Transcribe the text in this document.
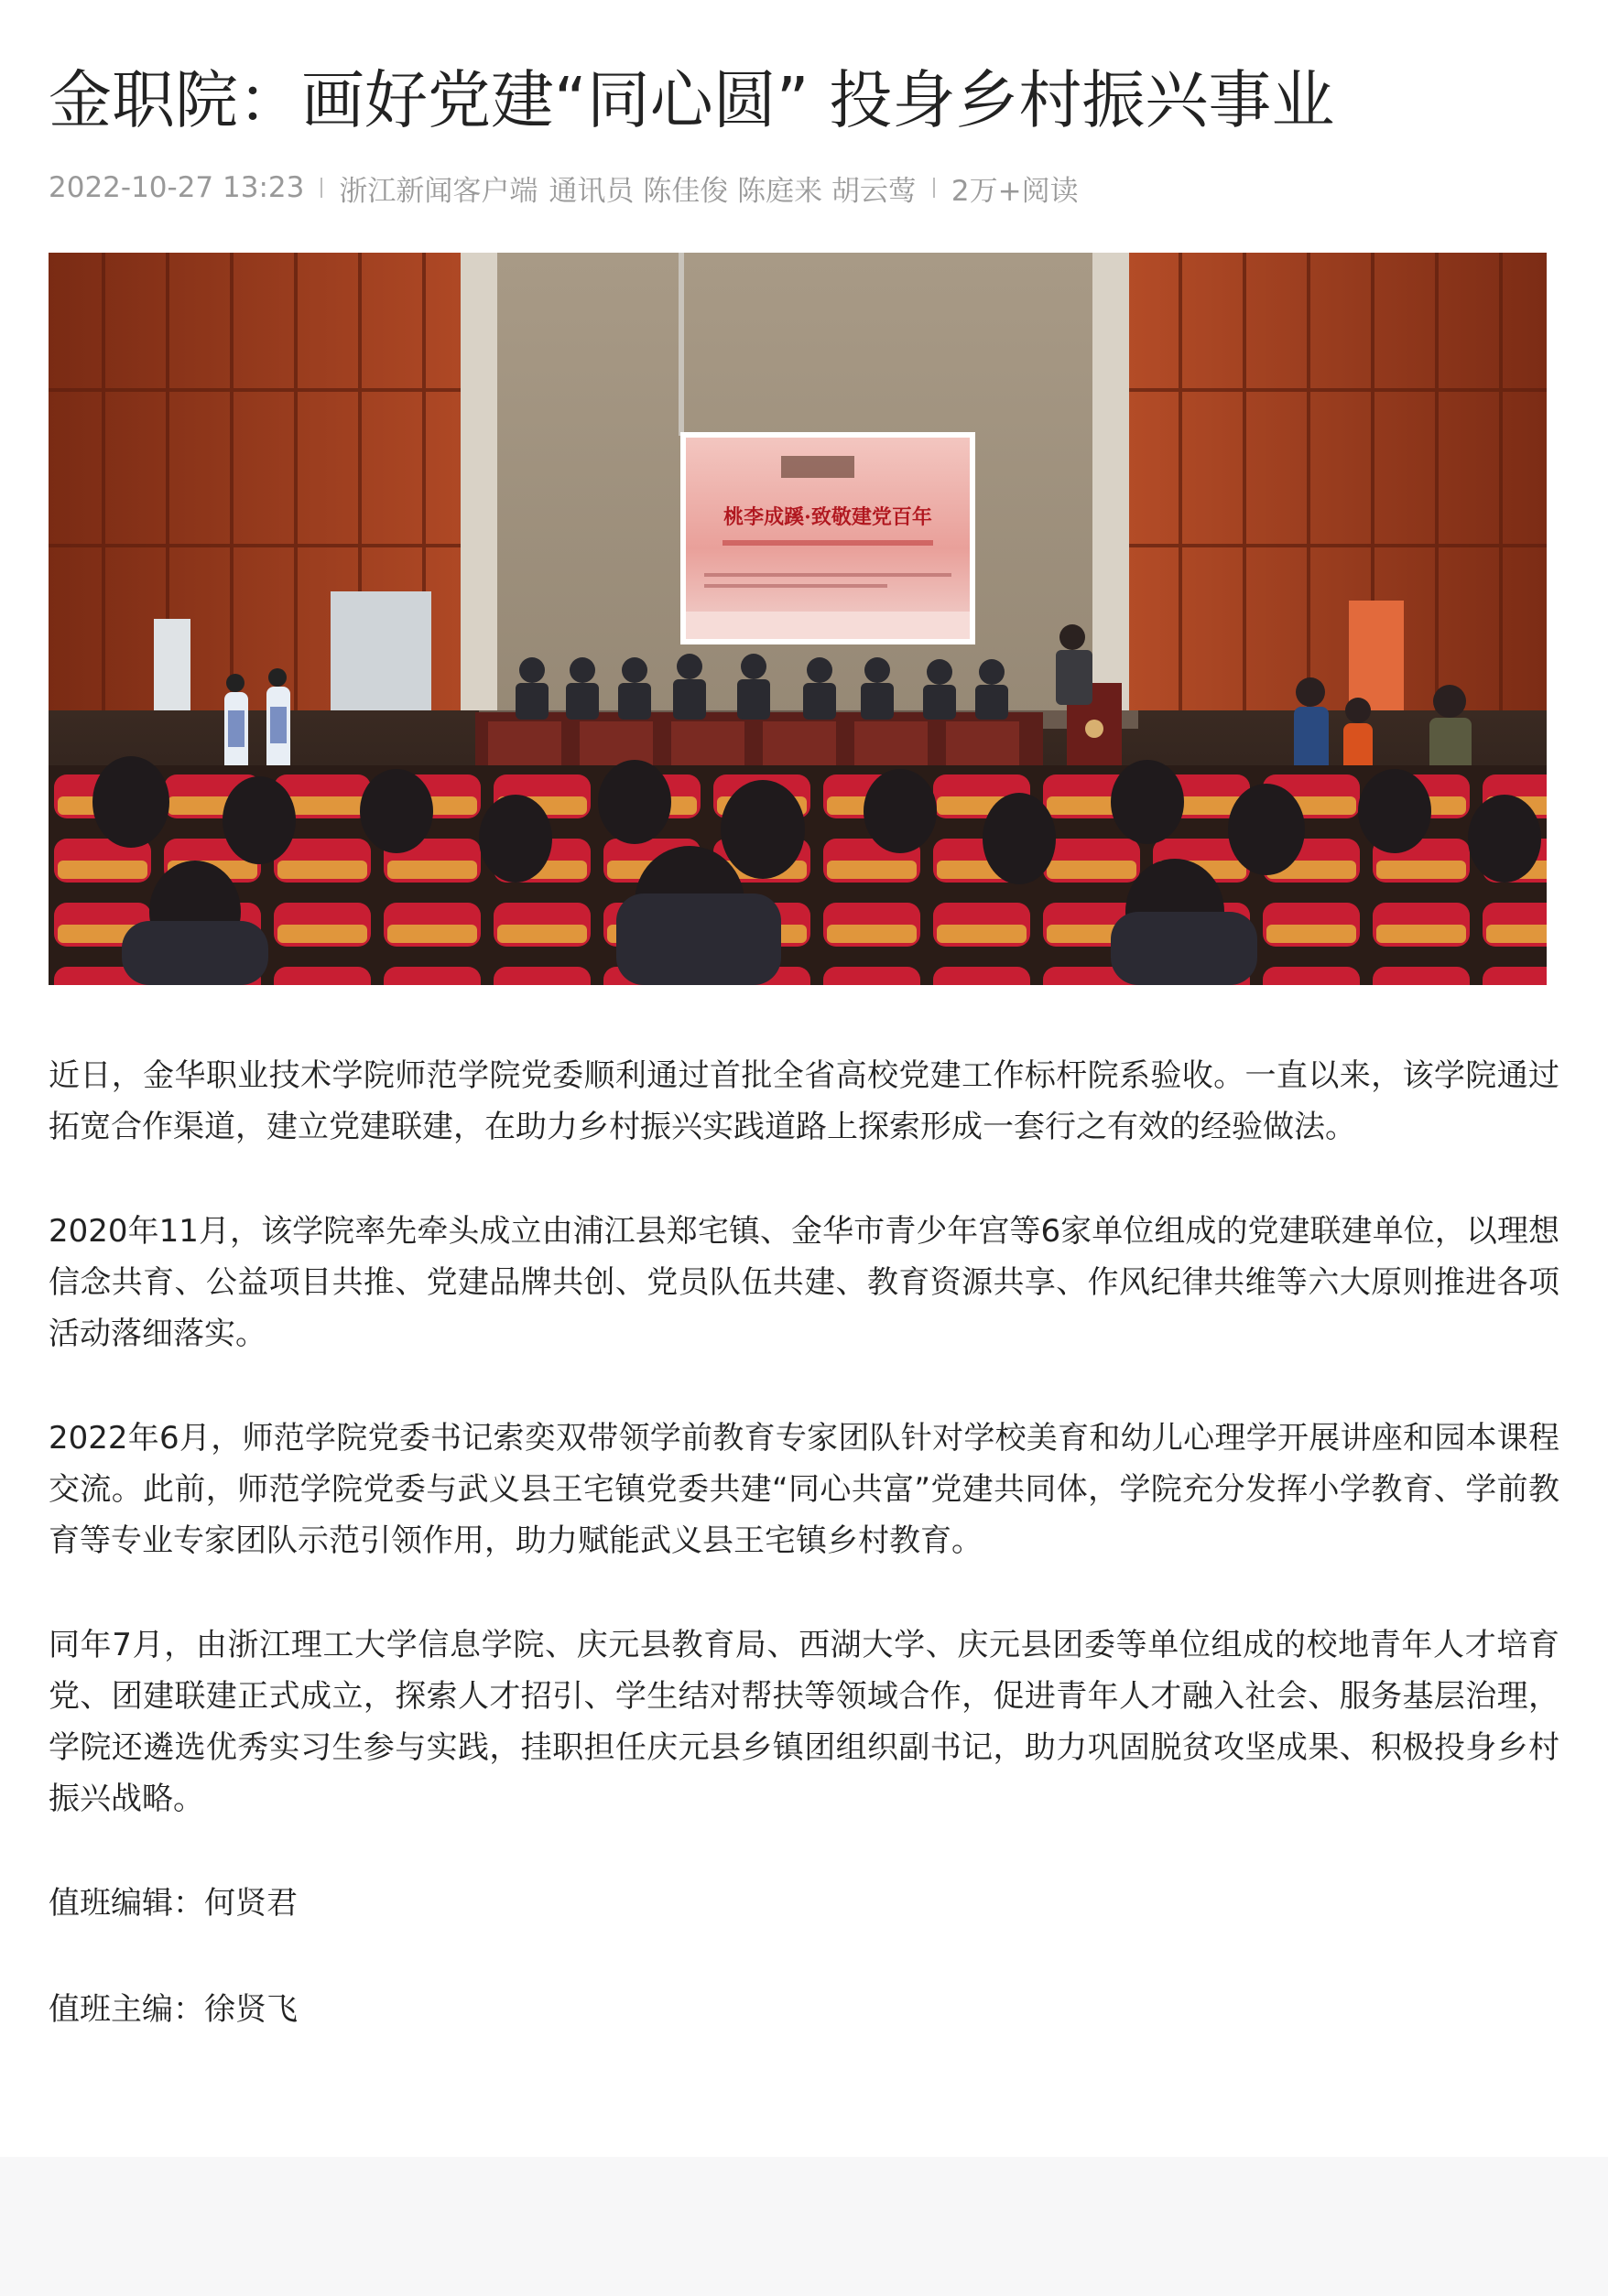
金职院：画好党建“同心圆” 投身乡村振兴事业
2022-10-27 13:23 浙江新闻客户端 通讯员 陈佳俊 陈庭来 胡云莺 2万+阅读
桃李成蹊·致敬建党百年

近日，金华职业技术学院师范学院党委顺利通过首批全省高校党建工作标杆院系验收。一直以来，该学院通过拓宽合作渠道，建立党建联建，在助力乡村振兴实践道路上探索形成一套行之有效的经验做法。

2020年11月，该学院率先牵头成立由浦江县郑宅镇、金华市青少年宫等6家单位组成的党建联建单位，以理想信念共育、公益项目共推、党建品牌共创、党员队伍共建、教育资源共享、作风纪律共维等六大原则推进各项活动落细落实。

2022年6月，师范学院党委书记索奕双带领学前教育专家团队针对学校美育和幼儿心理学开展讲座和园本课程交流。此前，师范学院党委与武义县王宅镇党委共建“同心共富”党建共同体，学院充分发挥小学教育、学前教育等专业专家团队示范引领作用，助力赋能武义县王宅镇乡村教育。

同年7月，由浙江理工大学信息学院、庆元县教育局、西湖大学、庆元县团委等单位组成的校地青年人才培育党、团建联建正式成立，探索人才招引、学生结对帮扶等领域合作，促进青年人才融入社会、服务基层治理，学院还遴选优秀实习生参与实践，挂职担任庆元县乡镇团组织副书记，助力巩固脱贫攻坚成果、积极投身乡村振兴战略。

值班编辑：何贤君
值班主编：徐贤飞
